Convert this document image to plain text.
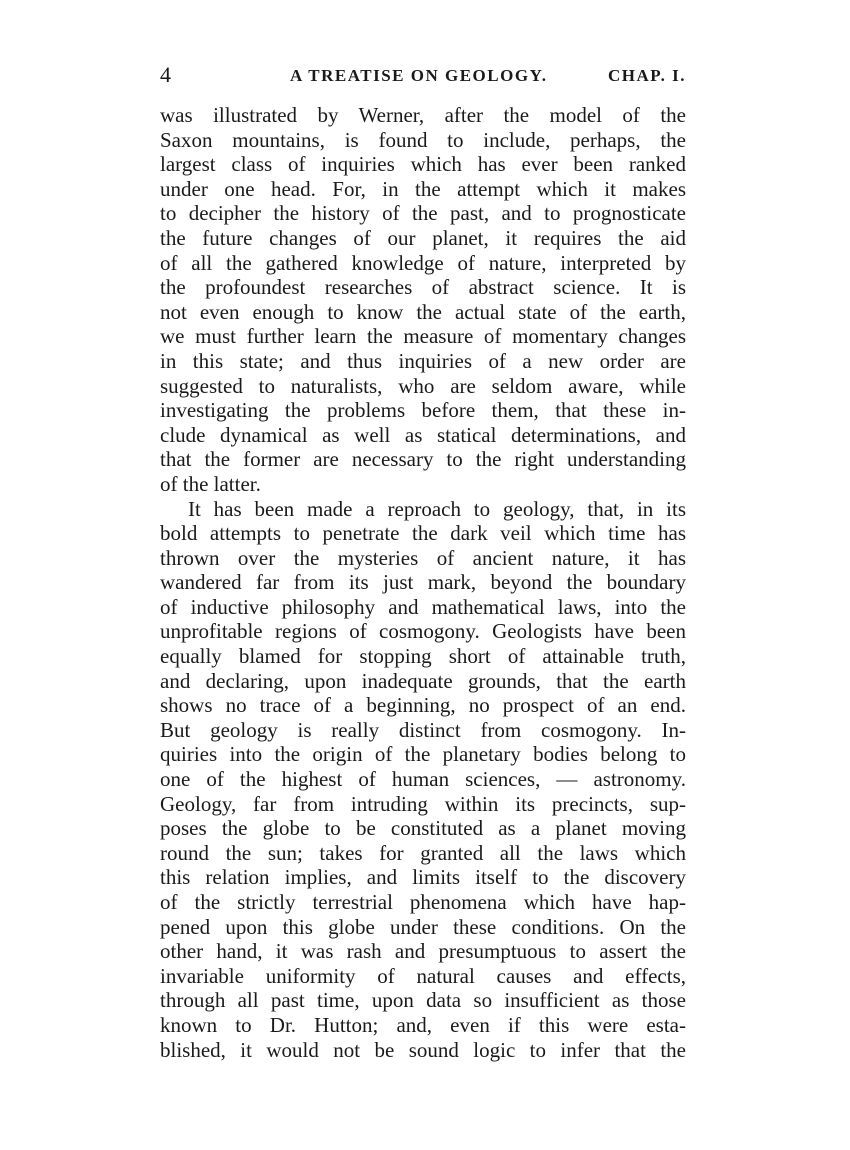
4	A TREATISE ON GEOLOGY.	CHAP. I.
was illustrated by Werner, after the model of the
Saxon mountains, is found to include, perhaps, the
largest class of inquiries which has ever been ranked
under one head. For, in the attempt which it makes
to decipher the history of the past, and to prognosticate
the future changes of our planet, it requires the aid
of all the gathered knowledge of nature, interpreted by
the profoundest researches of abstract science. It is
not even enough to know the actual state of the earth,
we must further learn the measure of momentary changes
in this state; and thus inquiries of a new order are
suggested to naturalists, who are seldom aware, while
investigating the problems before them, that these in-
clude dynamical as well as statical determinations, and
that the former are necessary to the right understanding
of the latter.
It has been made a reproach to geology, that, in its
bold attempts to penetrate the dark veil which time has
thrown over the mysteries of ancient nature, it has
wandered far from its just mark, beyond the boundary
of inductive philosophy and mathematical laws, into the
unprofitable regions of cosmogony. Geologists have been
equally blamed for stopping short of attainable truth,
and declaring, upon inadequate grounds, that the earth
shows no trace of a beginning, no prospect of an end.
But geology is really distinct from cosmogony. In-
quiries into the origin of the planetary bodies belong to
one of the highest of human sciences, — astronomy.
Geology, far from intruding within its precincts, sup-
poses the globe to be constituted as a planet moving
round the sun; takes for granted all the laws which
this relation implies, and limits itself to the discovery
of the strictly terrestrial phenomena which have hap-
pened upon this globe under these conditions. On the
other hand, it was rash and presumptuous to assert the
invariable uniformity of natural causes and effects,
through all past time, upon data so insufficient as those
known to Dr. Hutton; and, even if this were esta-
blished, it would not be sound logic to infer that the
